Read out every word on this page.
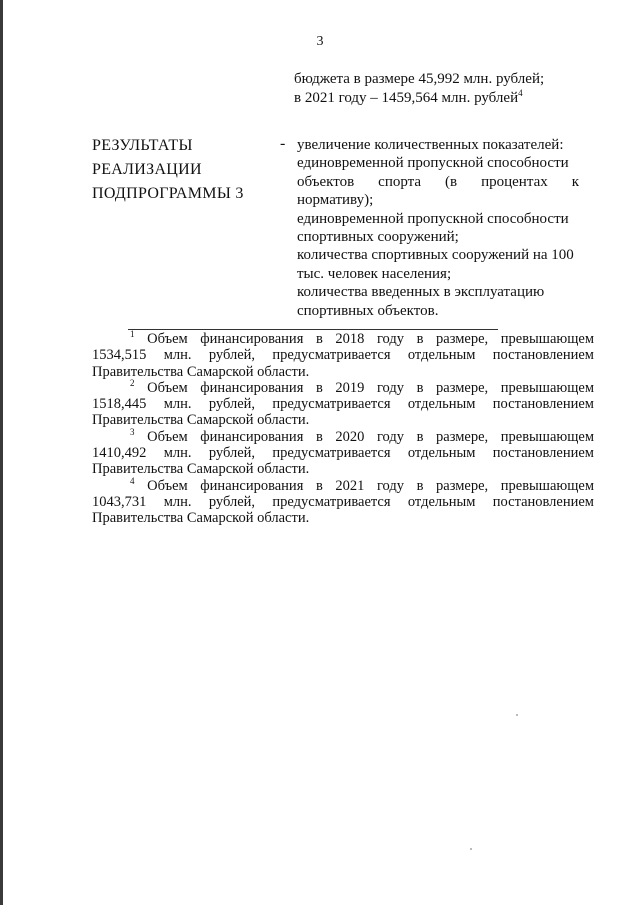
3
бюджета в размере 45,992 млн. рублей;
в 2021 году – 1459,564 млн. рублей$^4$
РЕЗУЛЬТАТЫ
РЕАЛИЗАЦИИ
ПОДПРОГРАММЫ 3
- увеличение количественных показателей:
единовременной пропускной способности
объектов спорта (в процентах к
нормативу);
единовременной пропускной способности
спортивных сооружений;
количества спортивных сооружений на 100
тыс. человек населения;
количества введенных в эксплуатацию
спортивных объектов.
$^1$ Объем финансирования в 2018 году в размере, превышающем
1534,515 млн. рублей, предусматривается отдельным постановлением
Правительства Самарской области.
$^2$ Объем финансирования в 2019 году в размере, превышающем
1518,445 млн. рублей, предусматривается отдельным постановлением
Правительства Самарской области.
$^3$ Объем финансирования в 2020 году в размере, превышающем
1410,492 млн. рублей, предусматривается отдельным постановлением
Правительства Самарской области.
$^4$ Объем финансирования в 2021 году в размере, превышающем
1043,731 млн. рублей, предусматривается отдельным постановлением
Правительства Самарской области.
